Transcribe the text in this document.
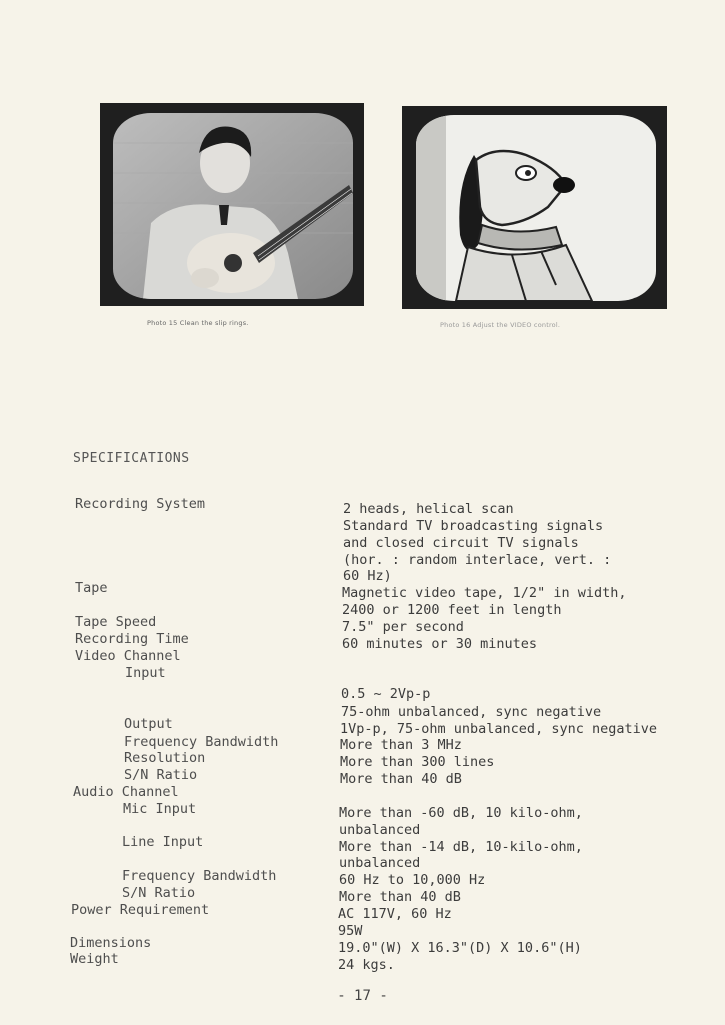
Photo 15 Clean the slip rings.	Photo 16 Adjust the VIDEO control.
SPECIFICATIONS
Recording System
Tape
Tape Speed
Recording Time
Video Channel
Input
Output
Frequency Bandwidth
Resolution
S/N Ratio
Audio Channel
Mic Input
Line Input
Frequency Bandwidth
S/N Ratio
Power Requirement
Dimensions
Weight
2 heads, helical scan
Standard TV broadcasting signals
and closed circuit TV signals
(hor. : random interlace, vert. :
60 Hz)
Magnetic video tape, 1/2" in width,
2400 or 1200 feet in length
7.5" per second
60 minutes or 30 minutes
0.5 ~ 2Vp-p
75-ohm unbalanced, sync negative
1Vp-p, 75-ohm unbalanced, sync negative
More than 3 MHz
More than 300 lines
More than 40 dB
More than -60 dB, 10 kilo-ohm,
unbalanced
More than -14 dB, 10-kilo-ohm,
unbalanced
60 Hz to 10,000 Hz
More than 40 dB
AC 117V, 60 Hz
95W
19.0"(W) X 16.3"(D) X 10.6"(H)
24 kgs.
- 17 -
